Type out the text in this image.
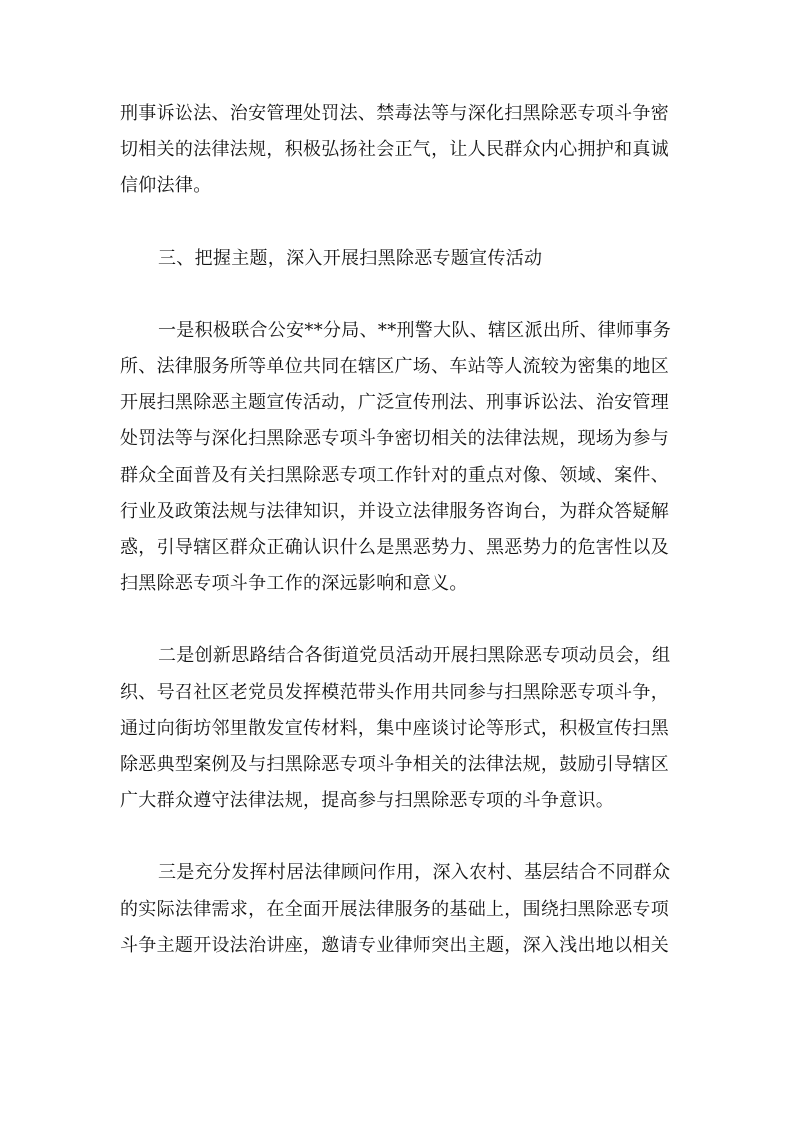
刑事诉讼法、治安管理处罚法、禁毒法等与深化扫黑除恶专项斗争密
切相关的法律法规，积极弘扬社会正气，让人民群众内心拥护和真诚
信仰法律。
三、把握主题，深入开展扫黑除恶专题宣传活动
一是积极联合公安**分局、**刑警大队、辖区派出所、律师事务
所、法律服务所等单位共同在辖区广场、车站等人流较为密集的地区
开展扫黑除恶主题宣传活动，广泛宣传刑法、刑事诉讼法、治安管理
处罚法等与深化扫黑除恶专项斗争密切相关的法律法规，现场为参与
群众全面普及有关扫黑除恶专项工作针对的重点对像、领域、案件、
行业及政策法规与法律知识，并设立法律服务咨询台，为群众答疑解
惑，引导辖区群众正确认识什么是黑恶势力、黑恶势力的危害性以及
扫黑除恶专项斗争工作的深远影响和意义。
二是创新思路结合各街道党员活动开展扫黑除恶专项动员会，组
织、号召社区老党员发挥模范带头作用共同参与扫黑除恶专项斗争，
通过向街坊邻里散发宣传材料，集中座谈讨论等形式，积极宣传扫黑
除恶典型案例及与扫黑除恶专项斗争相关的法律法规，鼓励引导辖区
广大群众遵守法律法规，提高参与扫黑除恶专项的斗争意识。
三是充分发挥村居法律顾问作用，深入农村、基层结合不同群众
的实际法律需求，在全面开展法律服务的基础上，围绕扫黑除恶专项
斗争主题开设法治讲座，邀请专业律师突出主题，深入浅出地以相关
